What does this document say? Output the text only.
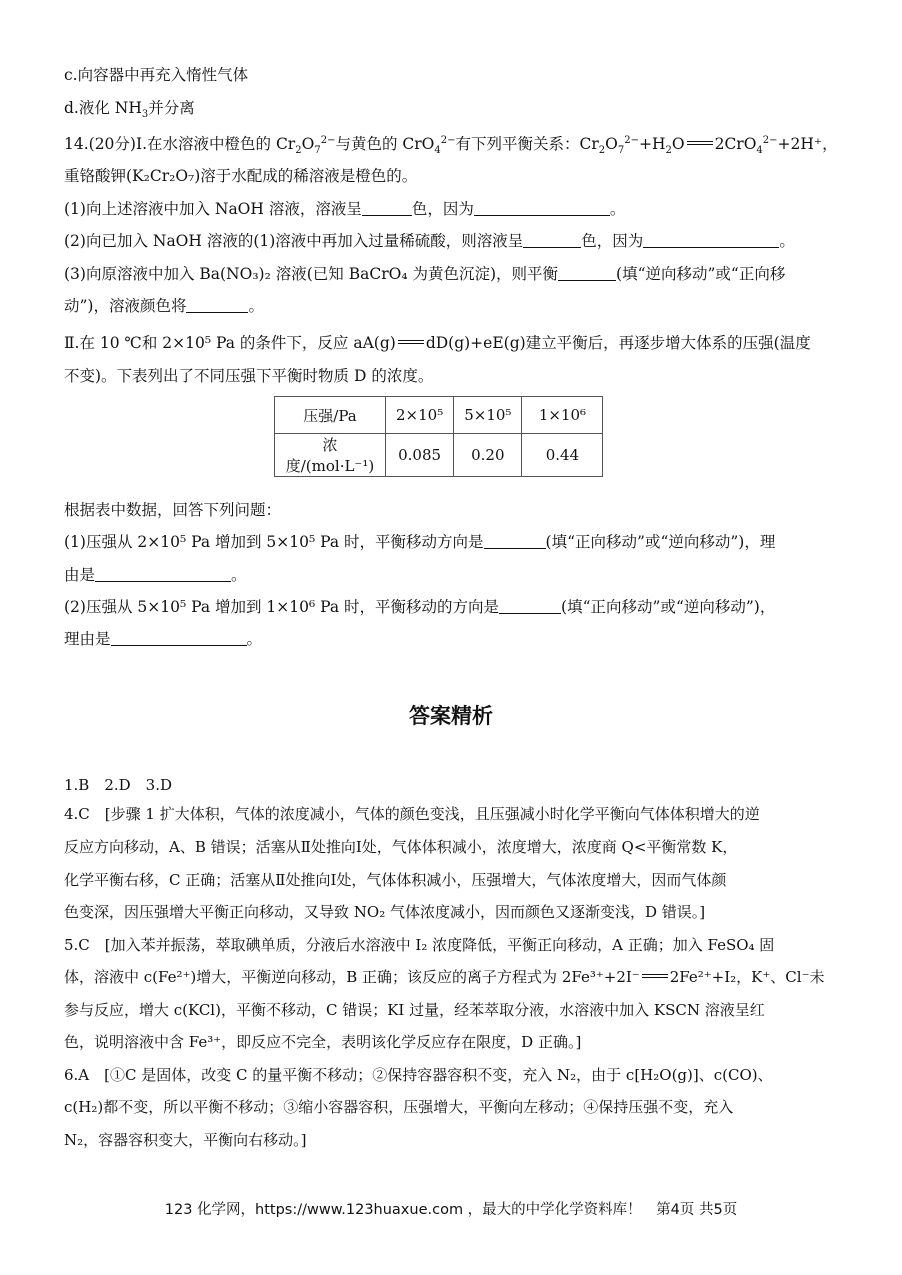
c.向容器中再充入惰性气体
d.液化 $NH_3$并分离
14.(20分)Ⅰ.在水溶液中橙色的 $Cr_2O_7^{2-}$与黄色的 CrO$_4^{2-}$有下列平衡关系：$Cr_2O_7^{2-}+H_2O$ 2CrO$_4^{2-}$+2H⁺，
重铬酸钾(K₂Cr₂O₇)溶于水配成的稀溶液是橙色的。
(1)向上述溶液中加入 NaOH 溶液，溶液呈	色，因为	。
(2)向已加入 NaOH 溶液的(1)溶液中再加入过量稀硫酸，则溶液呈	色，因为	。
(3)向原溶液中加入 Ba(NO₃)₂ 溶液(已知 BaCrO₄ 为黄色沉淀)，则平衡	(填“逆向移动”或“正向移
动”)，溶液颜色将	。
Ⅱ.在 10 ℃和 2×10⁵ Pa 的条件下，反应 aA(g) dD(g)+eE(g)建立平衡后，再逐步增大体系的压强(温度
不变)。下表列出了不同压强下平衡时物质 D 的浓度。
压强/Pa	2×10⁵	5×10⁵	1×10⁶
浓度/(mol·L⁻¹)	0.085	0.20	0.44
根据表中数据，回答下列问题：
(1)压强从 2×10⁵ Pa 增加到 5×10⁵ Pa 时，平衡移动方向是	(填“正向移动”或“逆向移动”)，理
由是	。
(2)压强从 5×10⁵ Pa 增加到 1×10⁶ Pa 时，平衡移动的方向是	(填“正向移动”或“逆向移动”)，
理由是	。
答案精析
1.B　2.D　3.D
4.C　[步骤 1 扩大体积，气体的浓度减小，气体的颜色变浅，且压强减小时化学平衡向气体体积增大的逆
反应方向移动，A、B 错误；活塞从Ⅱ处推向Ⅰ处，气体体积减小，浓度增大，浓度商 Q<平衡常数 K，
化学平衡右移，C 正确；活塞从Ⅱ处推向Ⅰ处，气体体积减小，压强增大，气体浓度增大，因而气体颜
色变深，因压强增大平衡正向移动，又导致 NO₂ 气体浓度减小，因而颜色又逐渐变浅，D 错误。]
5.C　[加入苯并振荡，萃取碘单质，分液后水溶液中 I₂ 浓度降低，平衡正向移动，A 正确；加入 FeSO₄ 固
体，溶液中 c(Fe²⁺)增大，平衡逆向移动，B 正确；该反应的离子方程式为 2Fe³⁺+2I⁻ 2Fe²⁺+I₂，K⁺、Cl⁻未
参与反应，增大 c(KCl)，平衡不移动，C 错误；KI 过量，经苯萃取分液，水溶液中加入 KSCN 溶液呈红
色，说明溶液中含 Fe³⁺，即反应不完全，表明该化学反应存在限度，D 正确。]
6.A　[①C 是固体，改变 C 的量平衡不移动；②保持容器容积不变，充入 N₂，由于 c[H₂O(g)]、c(CO)、
c(H₂)都不变，所以平衡不移动；③缩小容器容积，压强增大，平衡向左移动；④保持压强不变，充入
N₂，容器容积变大，平衡向右移动。]
123 化学网，https://www.123huaxue.com ，最大的中学化学资料库！　第4页 共5页
